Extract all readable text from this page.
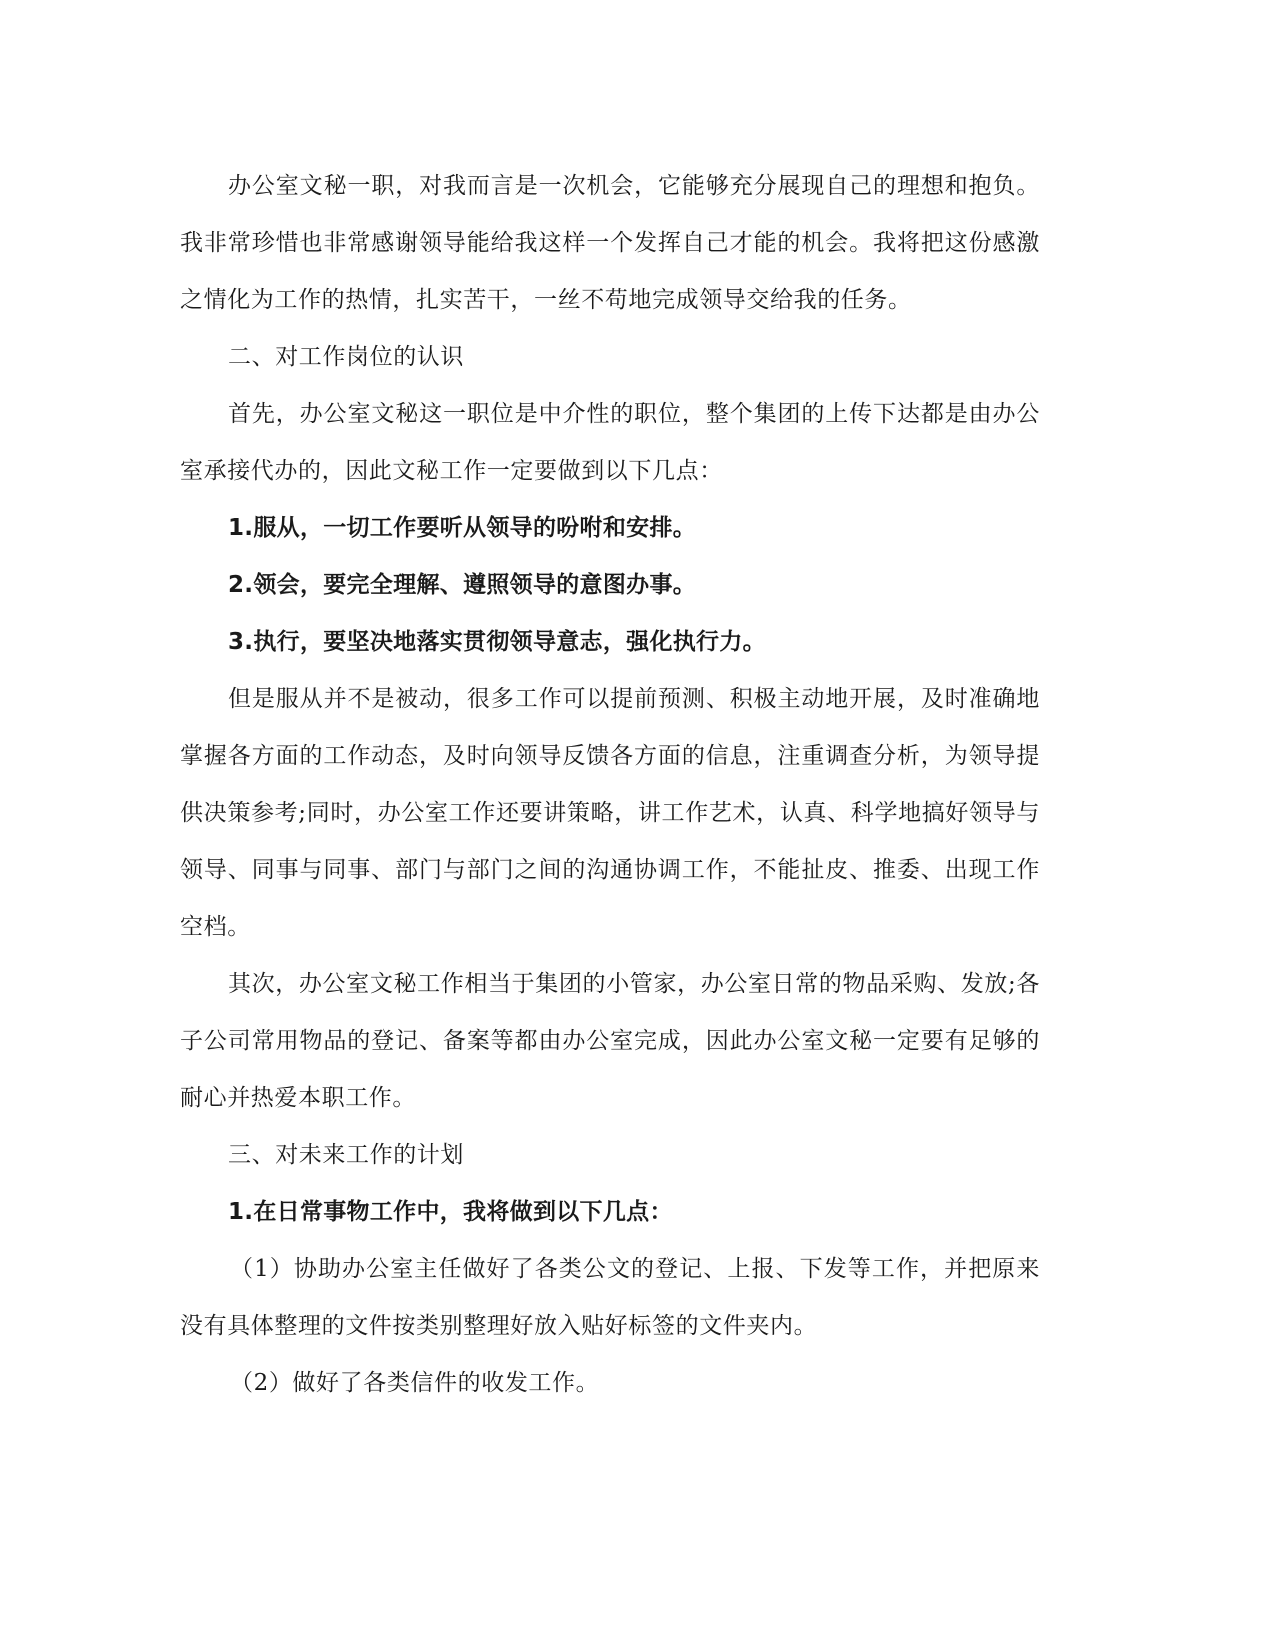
办公室文秘一职，对我而言是一次机会，它能够充分展现自己的理想和抱负。我非常珍惜也非常感谢领导能给我这样一个发挥自己才能的机会。我将把这份感激之情化为工作的热情，扎实苦干，一丝不苟地完成领导交给我的任务。

二、对工作岗位的认识

首先，办公室文秘这一职位是中介性的职位，整个集团的上传下达都是由办公室承接代办的，因此文秘工作一定要做到以下几点：

1.服从，一切工作要听从领导的吩咐和安排。

2.领会，要完全理解、遵照领导的意图办事。

3.执行，要坚决地落实贯彻领导意志，强化执行力。

但是服从并不是被动，很多工作可以提前预测、积极主动地开展，及时准确地掌握各方面的工作动态，及时向领导反馈各方面的信息，注重调查分析，为领导提供决策参考;同时，办公室工作还要讲策略，讲工作艺术，认真、科学地搞好领导与领导、同事与同事、部门与部门之间的沟通协调工作，不能扯皮、推委、出现工作空档。

其次，办公室文秘工作相当于集团的小管家，办公室日常的物品采购、发放;各子公司常用物品的登记、备案等都由办公室完成，因此办公室文秘一定要有足够的耐心并热爱本职工作。

三、对未来工作的计划

1.在日常事物工作中，我将做到以下几点：

（1）协助办公室主任做好了各类公文的登记、上报、下发等工作，并把原来没有具体整理的文件按类别整理好放入贴好标签的文件夹内。

（2）做好了各类信件的收发工作。
